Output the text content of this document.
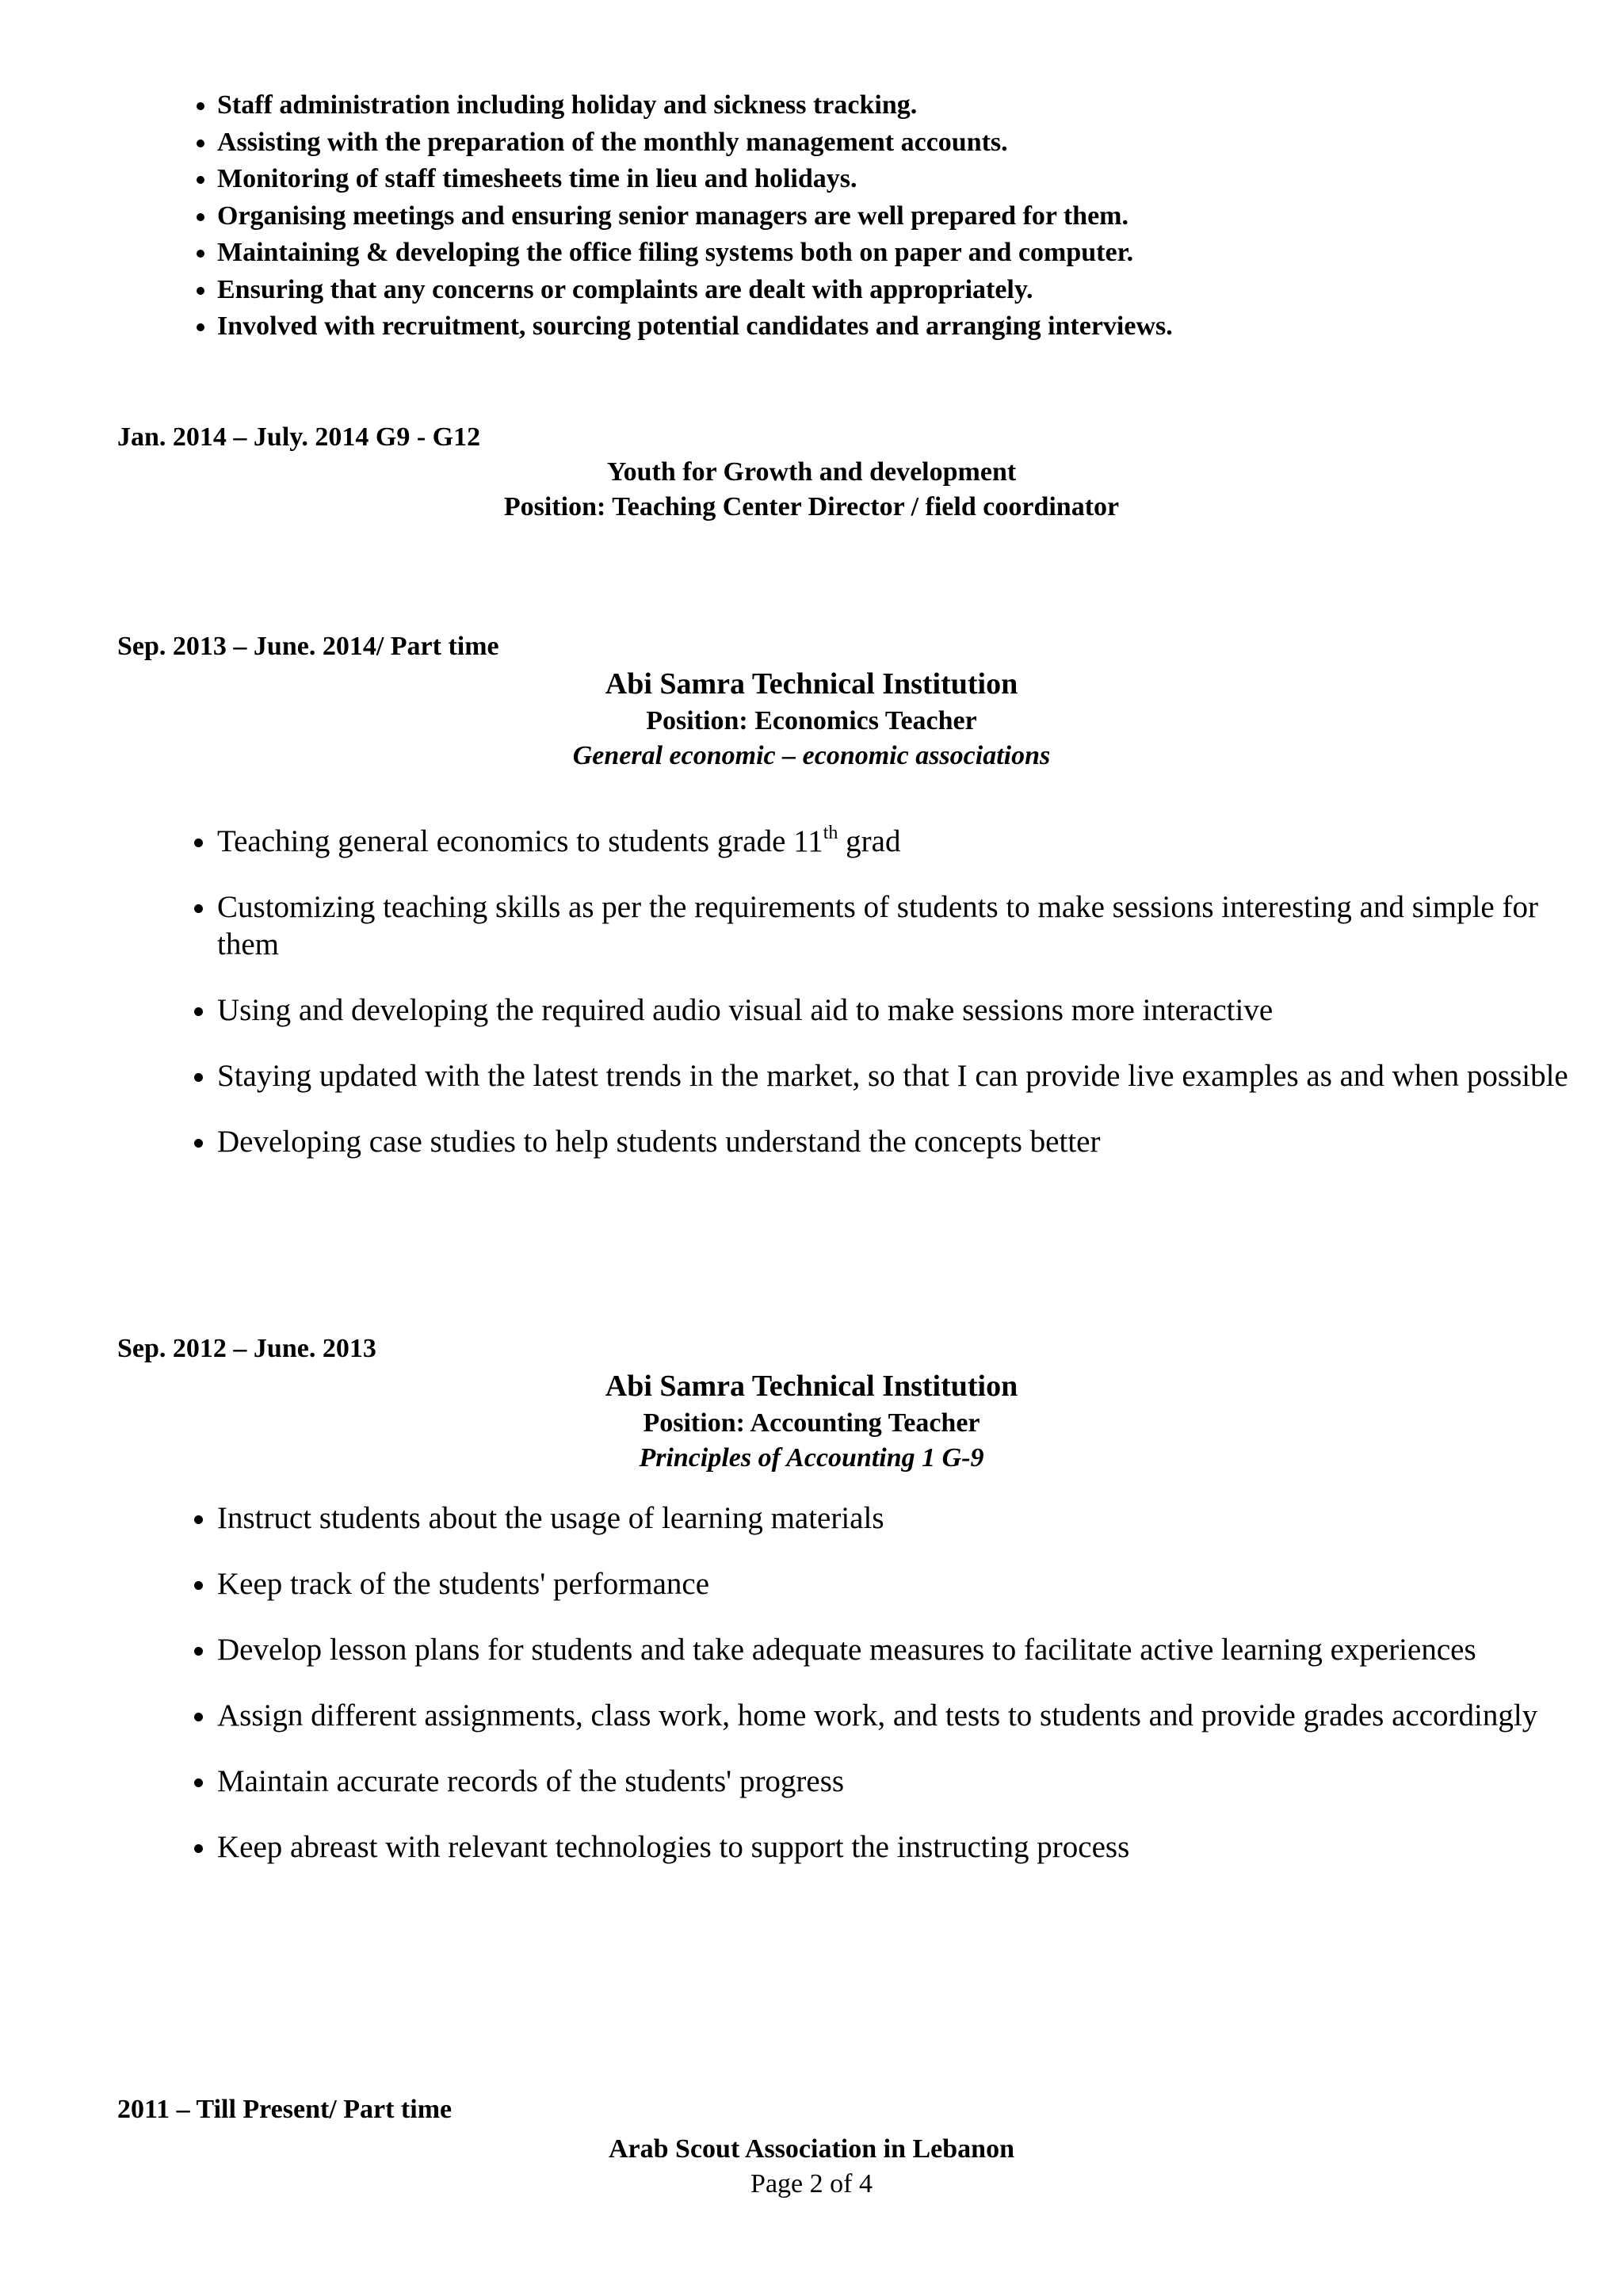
• Staff administration including holiday and sickness tracking.
• Assisting with the preparation of the monthly management accounts.
• Monitoring of staff timesheets time in lieu and holidays.
• Organising meetings and ensuring senior managers are well prepared for them.
• Maintaining & developing the office filing systems both on paper and computer.
• Ensuring that any concerns or complaints are dealt with appropriately.
• Involved with recruitment, sourcing potential candidates and arranging interviews.
Jan. 2014 – July. 2014 G9 - G12
Youth for Growth and development
Position: Teaching Center Director / field coordinator
Sep. 2013 – June. 2014/ Part time
Abi Samra Technical Institution
Position: Economics Teacher
General economic – economic associations
• Teaching general economics to students grade 11th grad
• Customizing teaching skills as per the requirements of students to make sessions interesting and simple for them
• Using and developing the required audio visual aid to make sessions more interactive
• Staying updated with the latest trends in the market, so that I can provide live examples as and when possible
• Developing case studies to help students understand the concepts better
Sep. 2012 – June. 2013
Abi Samra Technical Institution
Position: Accounting Teacher
Principles of Accounting 1 G-9
• Instruct students about the usage of learning materials
• Keep track of the students' performance
• Develop lesson plans for students and take adequate measures to facilitate active learning experiences
• Assign different assignments, class work, home work, and tests to students and provide grades accordingly
• Maintain accurate records of the students' progress
• Keep abreast with relevant technologies to support the instructing process
2011 – Till Present/ Part time
Arab Scout Association in Lebanon
Page 2 of 4
